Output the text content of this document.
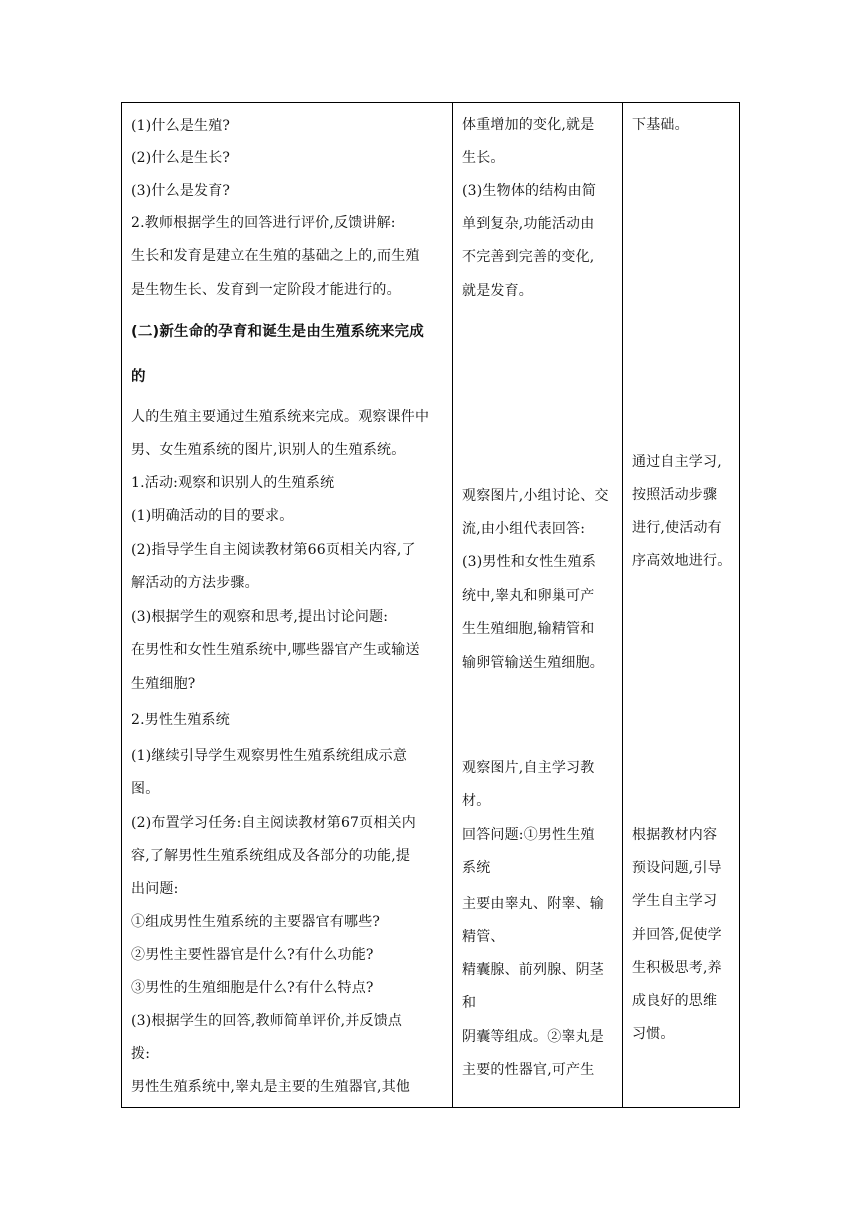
(1)什么是生殖?
(2)什么是生长?
(3)什么是发育?
2.教师根据学生的回答进行评价,反馈讲解:
生长和发育是建立在生殖的基础之上的,而生殖
是生物生长、发育到一定阶段才能进行的。
(二)新生命的孕育和诞生是由生殖系统来完成
的
人的生殖主要通过生殖系统来完成。观察课件中
男、女生殖系统的图片,识别人的生殖系统。
1.活动:观察和识别人的生殖系统
(1)明确活动的目的要求。
(2)指导学生自主阅读教材第66页相关内容,了
解活动的方法步骤。
(3)根据学生的观察和思考,提出讨论问题:
在男性和女性生殖系统中,哪些器官产生或输送
生殖细胞?
2.男性生殖系统
(1)继续引导学生观察男性生殖系统组成示意
图。
(2)布置学习任务:自主阅读教材第67页相关内
容,了解男性生殖系统组成及各部分的功能,提
出问题:
①组成男性生殖系统的主要器官有哪些?
②男性主要性器官是什么?有什么功能?
③男性的生殖细胞是什么?有什么特点?
(3)根据学生的回答,教师简单评价,并反馈点
拨:
男性生殖系统中,睾丸是主要的生殖器官,其他

体重增加的变化,就是
生长。
(3)生物体的结构由简
单到复杂,功能活动由
不完善到完善的变化,
就是发育。
观察图片,小组讨论、交
流,由小组代表回答:
(3)男性和女性生殖系
统中,睾丸和卵巢可产
生生殖细胞,输精管和
输卵管输送生殖细胞。
观察图片,自主学习教
材。
回答问题:①男性生殖
系统
主要由睾丸、附睾、输
精管、
精囊腺、前列腺、阴茎
和
阴囊等组成。②睾丸是
主要的性器官,可产生

下基础。
通过自主学习,
按照活动步骤
进行,使活动有
序高效地进行。
根据教材内容
预设问题,引导
学生自主学习
并回答,促使学
生积极思考,养
成良好的思维
习惯。
